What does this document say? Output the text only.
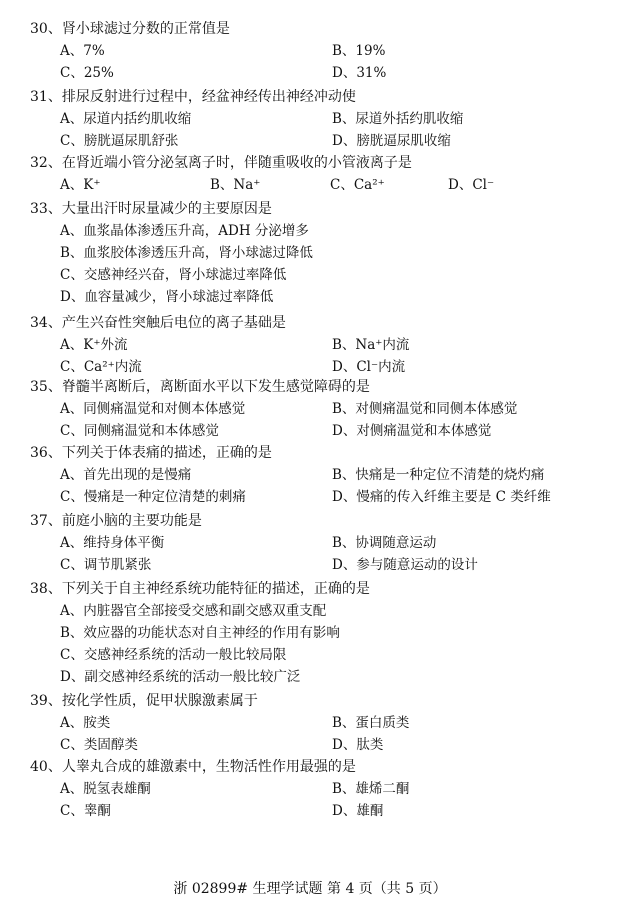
30、肾小球滤过分数的正常值是
A、7%	B、19%
C、25%	D、31%
31、排尿反射进行过程中，经盆神经传出神经冲动使
A、尿道内括约肌收缩	B、尿道外括约肌收缩
C、膀胱逼尿肌舒张	D、膀胱逼尿肌收缩
32、在肾近端小管分泌氢离子时，伴随重吸收的小管液离子是
A、K⁺	B、Na⁺	C、Ca²⁺	D、Cl⁻
33、大量出汗时尿量减少的主要原因是
A、血浆晶体渗透压升高，ADH 分泌增多
B、血浆胶体渗透压升高，肾小球滤过降低
C、交感神经兴奋，肾小球滤过率降低
D、血容量减少，肾小球滤过率降低
34、产生兴奋性突触后电位的离子基础是
A、K⁺外流	B、Na⁺内流
C、Ca²⁺内流	D、Cl⁻内流
35、脊髓半离断后，离断面水平以下发生感觉障碍的是
A、同侧痛温觉和对侧本体感觉	B、对侧痛温觉和同侧本体感觉
C、同侧痛温觉和本体感觉	D、对侧痛温觉和本体感觉
36、下列关于体表痛的描述，正确的是
A、首先出现的是慢痛	B、快痛是一种定位不清楚的烧灼痛
C、慢痛是一种定位清楚的刺痛	D、慢痛的传入纤维主要是 C 类纤维
37、前庭小脑的主要功能是
A、维持身体平衡	B、协调随意运动
C、调节肌紧张	D、参与随意运动的设计
38、下列关于自主神经系统功能特征的描述，正确的是
A、内脏器官全部接受交感和副交感双重支配
B、效应器的功能状态对自主神经的作用有影响
C、交感神经系统的活动一般比较局限
D、副交感神经系统的活动一般比较广泛
39、按化学性质，促甲状腺激素属于
A、胺类	B、蛋白质类
C、类固醇类	D、肽类
40、人睾丸合成的雄激素中，生物活性作用最强的是
A、脱氢表雄酮	B、雄烯二酮
C、睾酮	D、雄酮
浙 02899# 生理学试题 第 4 页（共 5 页）
